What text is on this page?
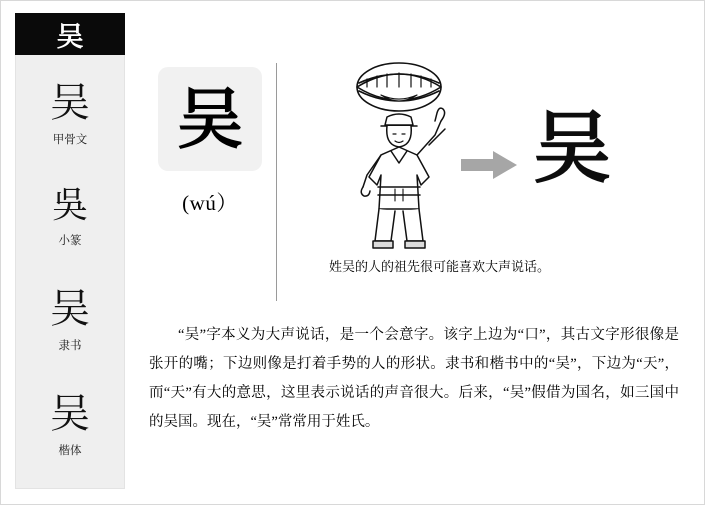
吴
吴
甲骨文
吳
小篆
吴
隶书
吴
楷体
吴
(wú）
吴
姓吴的人的祖先很可能喜欢大声说话。
“吴”字本义为大声说话，是一个会意字。该字上边为“口”，其古文字形很像是张开的嘴；下边则像是打着手势的人的形状。隶书和楷书中的“吴”，下边为“天”，而“天”有大的意思，这里表示说话的声音很大。后来，“吴”假借为国名，如三国中的吴国。现在，“吴”常常用于姓氏。
